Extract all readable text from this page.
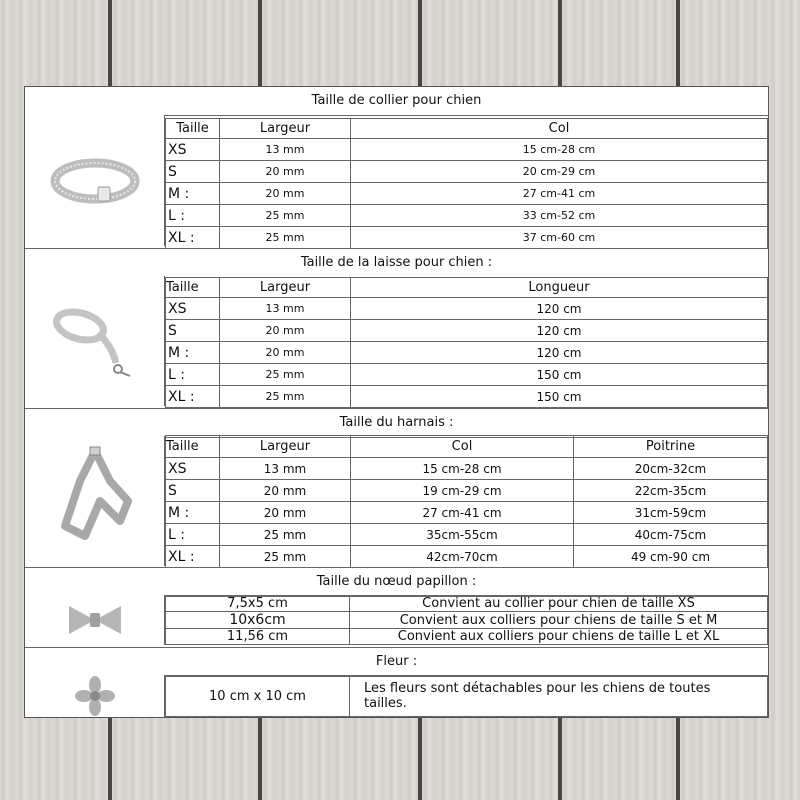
Taille de collier pour chien
Taille	Largeur	Col
XS	13 mm	15 cm-28 cm
S	20 mm	20 cm-29 cm
M :	20 mm	27 cm-41 cm
L :	25 mm	33 cm-52 cm
XL :	25 mm	37 cm-60 cm
Taille de la laisse pour chien :
Taille	Largeur	Longueur
XS	13 mm	120 cm
S	20 mm	120 cm
M :	20 mm	120 cm
L :	25 mm	150 cm
XL :	25 mm	150 cm
Taille du harnais :
Taille	Largeur	Col	Poitrine
XS	13 mm	15 cm-28 cm	20cm-32cm
S	20 mm	19 cm-29 cm	22cm-35cm
M :	20 mm	27 cm-41 cm	31cm-59cm
L :	25 mm	35cm-55cm	40cm-75cm
XL :	25 mm	42cm-70cm	49 cm-90 cm
Taille du nœud papillon :
7,5x5 cm	Convient au collier pour chien de taille XS
10x6cm	Convient aux colliers pour chiens de taille S et M
11,56 cm	Convient aux colliers pour chiens de taille L et XL
Fleur :
10 cm x 10 cm	Les fleurs sont détachables pour les chiens de toutes tailles.
